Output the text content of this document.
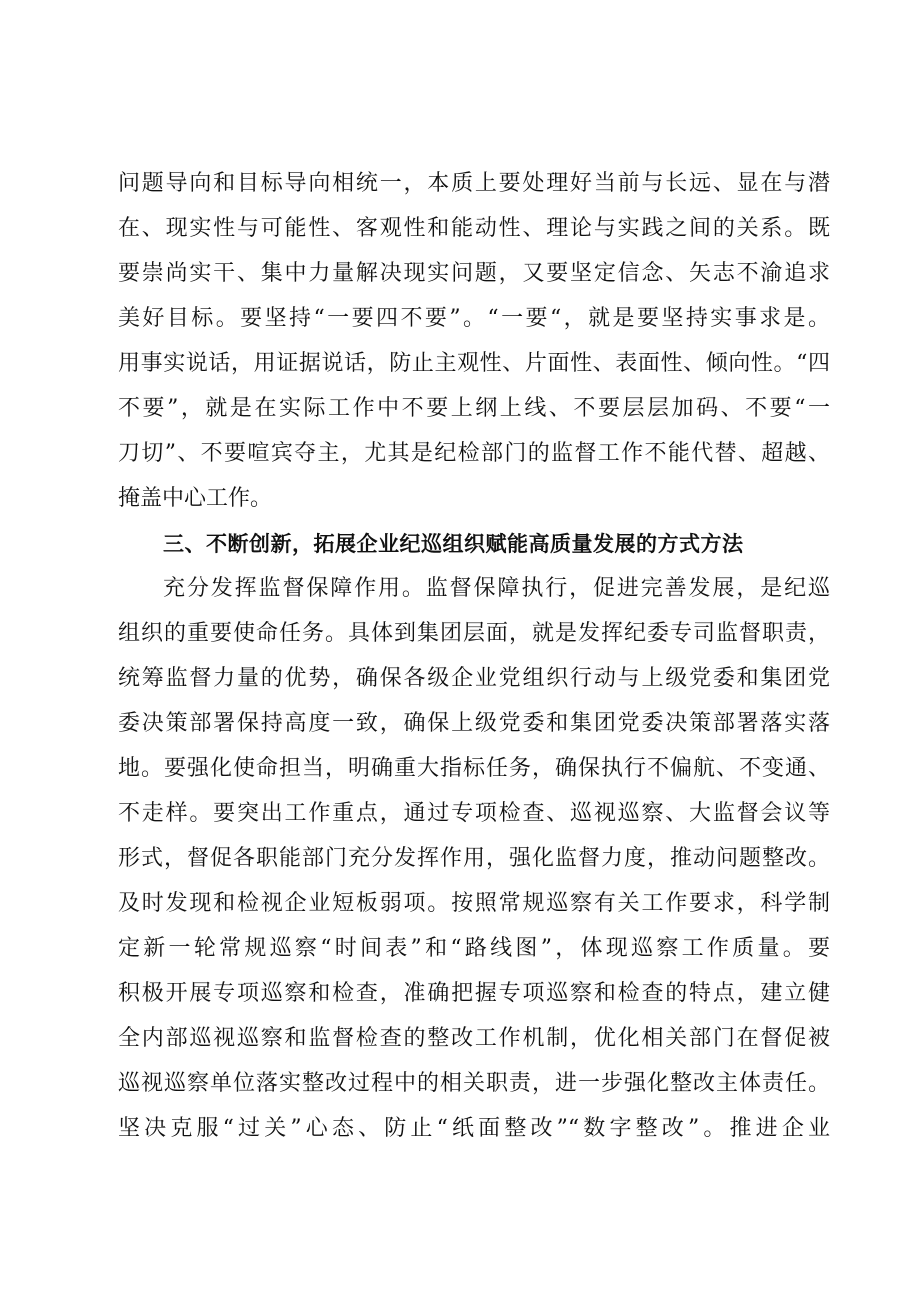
问题导向和目标导向相统一，本质上要处理好当前与长远、显在与潜
在、现实性与可能性、客观性和能动性、理论与实践之间的关系。既
要崇尚实干、集中力量解决现实问题，又要坚定信念、矢志不渝追求
美好目标。要坚持“一要四不要”。“一要“，就是要坚持实事求是。
用事实说话，用证据说话，防止主观性、片面性、表面性、倾向性。“四
不要”，就是在实际工作中不要上纲上线、不要层层加码、不要“一
刀切”、不要喧宾夺主，尤其是纪检部门的监督工作不能代替、超越、
掩盖中心工作。
三、不断创新，拓展企业纪巡组织赋能高质量发展的方式方法
充分发挥监督保障作用。监督保障执行，促进完善发展，是纪巡
组织的重要使命任务。具体到集团层面，就是发挥纪委专司监督职责，
统筹监督力量的优势，确保各级企业党组织行动与上级党委和集团党
委决策部署保持高度一致，确保上级党委和集团党委决策部署落实落
地。要强化使命担当，明确重大指标任务，确保执行不偏航、不变通、
不走样。要突出工作重点，通过专项检查、巡视巡察、大监督会议等
形式，督促各职能部门充分发挥作用，强化监督力度，推动问题整改。
及时发现和检视企业短板弱项。按照常规巡察有关工作要求，科学制
定新一轮常规巡察“时间表”和“路线图”，体现巡察工作质量。要
积极开展专项巡察和检查，准确把握专项巡察和检查的特点，建立健
全内部巡视巡察和监督检查的整改工作机制，优化相关部门在督促被
巡视巡察单位落实整改过程中的相关职责，进一步强化整改主体责任。
坚决克服“过关”心态、防止“纸面整改”“数字整改”。推进企业
